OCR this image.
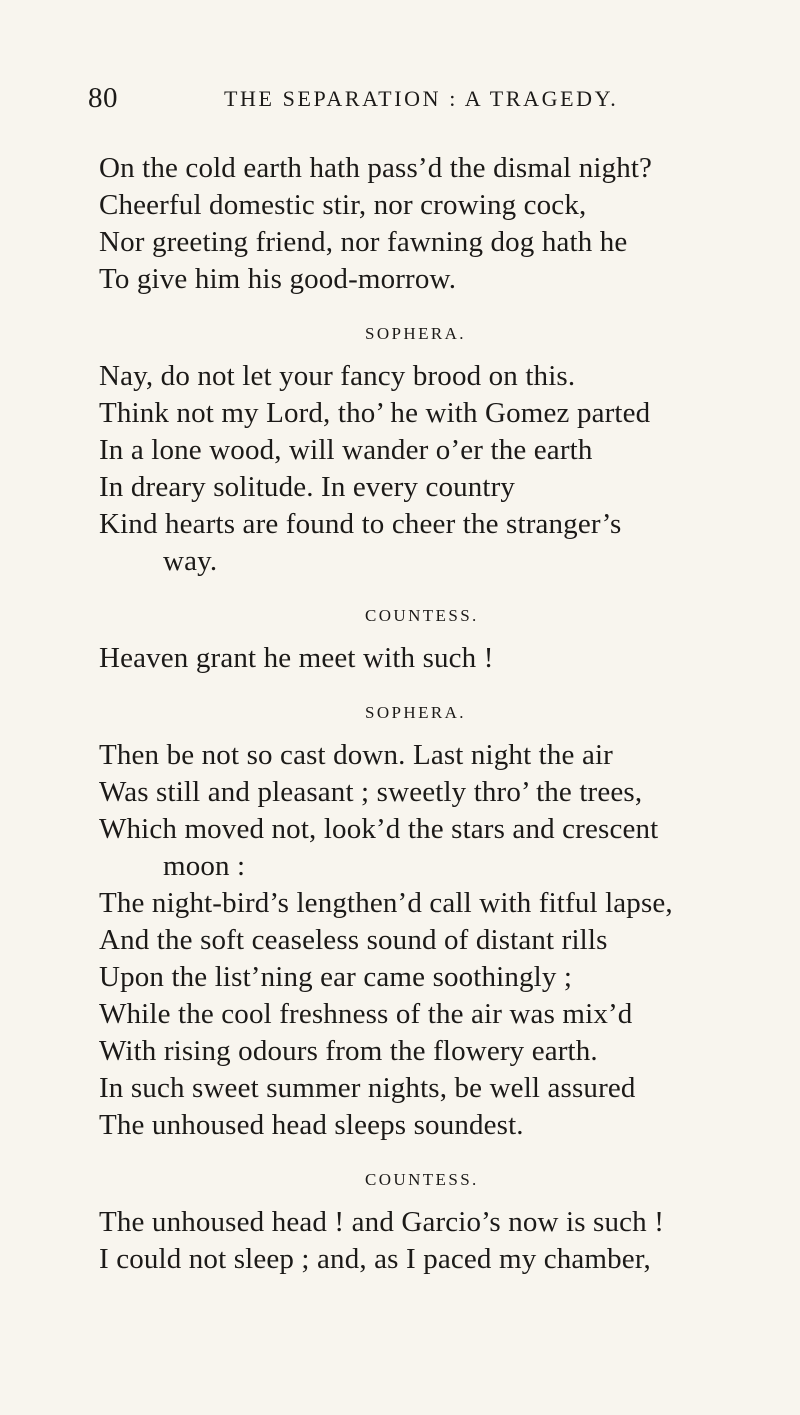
80	THE SEPARATION : A TRAGEDY.
On the cold earth hath pass’d the dismal night?
Cheerful domestic stir, nor crowing cock,
Nor greeting friend, nor fawning dog hath he
To give him his good-morrow.
SOPHERA.
Nay, do not let your fancy brood on this.
Think not my Lord, tho’ he with Gomez parted
In a lone wood, will wander o’er the earth
In dreary solitude. In every country
Kind hearts are found to cheer the stranger’s
way.
COUNTESS.
Heaven grant he meet with such !
SOPHERA.
Then be not so cast down. Last night the air
Was still and pleasant ; sweetly thro’ the trees,
Which moved not, look’d the stars and crescent
moon :
The night-bird’s lengthen’d call with fitful lapse,
And the soft ceaseless sound of distant rills
Upon the list’ning ear came soothingly ;
While the cool freshness of the air was mix’d
With rising odours from the flowery earth.
In such sweet summer nights, be well assured
The unhoused head sleeps soundest.
COUNTESS.
The unhoused head ! and Garcio’s now is such !
I could not sleep ; and, as I paced my chamber,
